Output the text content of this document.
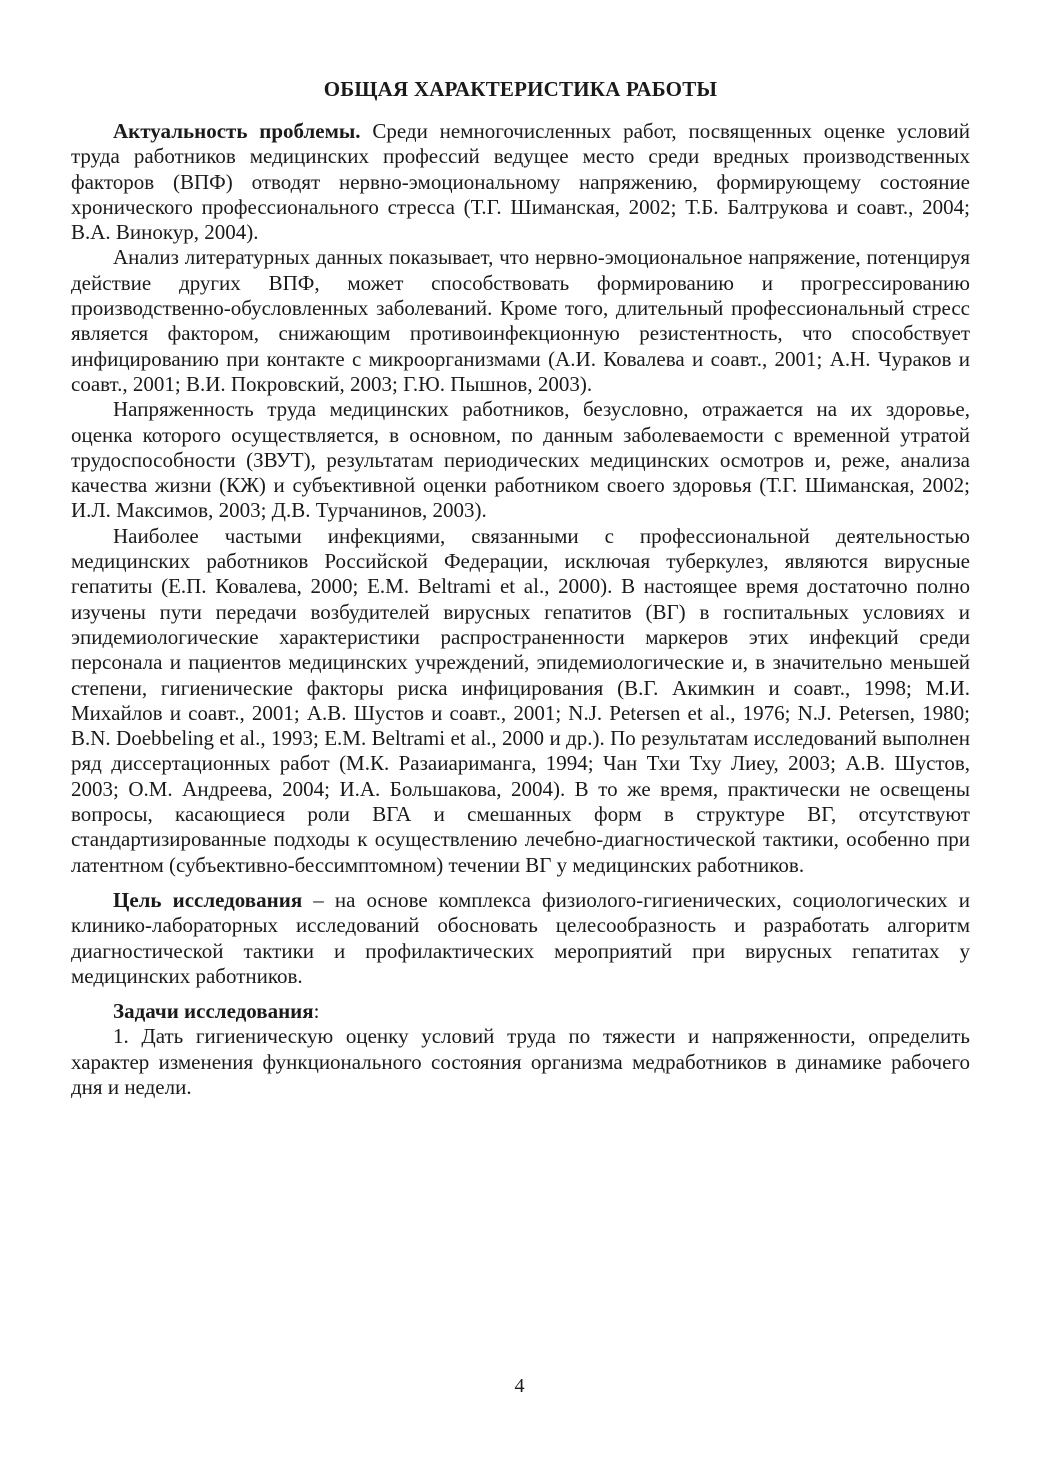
ОБЩАЯ ХАРАКТЕРИСТИКА РАБОТЫ

Актуальность проблемы. Среди немногочисленных работ, посвященных оценке условий труда работников медицинских профессий ведущее место среди вредных производственных факторов (ВПФ) отводят нервно-эмоциональному напряжению, формирующему состояние хронического профессионального стресса (Т.Г. Шиманская, 2002; Т.Б. Балтрукова и соавт., 2004; В.А. Винокур, 2004).

Анализ литературных данных показывает, что нервно-эмоциональное напряжение, потенцируя действие других ВПФ, может способствовать формированию и прогрессированию производственно-обусловленных заболеваний. Кроме того, длительный профессиональный стресс является фактором, снижающим противоинфекционную резистентность, что способствует инфицированию при контакте с микроорганизмами (А.И. Ковалева и соавт., 2001; А.Н. Чураков и соавт., 2001; В.И. Покровский, 2003; Г.Ю. Пышнов, 2003).

Напряженность труда медицинских работников, безусловно, отражается на их здоровье, оценка которого осуществляется, в основном, по данным заболеваемости с временной утратой трудоспособности (ЗВУТ), результатам периодических медицинских осмотров и, реже, анализа качества жизни (КЖ) и субъективной оценки работником своего здоровья (Т.Г. Шиманская, 2002; И.Л. Максимов, 2003; Д.В. Турчанинов, 2003).

Наиболее частыми инфекциями, связанными с профессиональной деятельностью медицинских работников Российской Федерации, исключая туберкулез, являются вирусные гепатиты (Е.П. Ковалева, 2000; E.M. Beltrami et al., 2000). В настоящее время достаточно полно изучены пути передачи возбудителей вирусных гепатитов (ВГ) в госпитальных условиях и эпидемиологические характеристики распространенности маркеров этих инфекций среди персонала и пациентов медицинских учреждений, эпидемиологические и, в значительно меньшей степени, гигиенические факторы риска инфицирования (В.Г. Акимкин и соавт., 1998; М.И. Михайлов и соавт., 2001; А.В. Шустов и соавт., 2001; N.J. Petersen et al., 1976; N.J. Petersen, 1980; B.N. Doebbeling et al., 1993; E.M. Beltrami et al., 2000 и др.). По результатам исследований выполнен ряд диссертационных работ (М.К. Разаиариманга, 1994; Чан Тхи Тху Лиеу, 2003; А.В. Шустов, 2003; О.М. Андреева, 2004; И.А. Большакова, 2004). В то же время, практически не освещены вопросы, касающиеся роли ВГА и смешанных форм в структуре ВГ, отсутствуют стандартизированные подходы к осуществлению лечебно-диагностической тактики, особенно при латентном (субъективно-бессимптомном) течении ВГ у медицинских работников.

Цель исследования – на основе комплекса физиолого-гигиенических, социологических и клинико-лабораторных исследований обосновать целесообразность и разработать алгоритм диагностической тактики и профилактических мероприятий при вирусных гепатитах у медицинских работников.

Задачи исследования:

1. Дать гигиеническую оценку условий труда по тяжести и напряженности, определить характер изменения функционального состояния организма медработников в динамике рабочего дня и недели.

4
